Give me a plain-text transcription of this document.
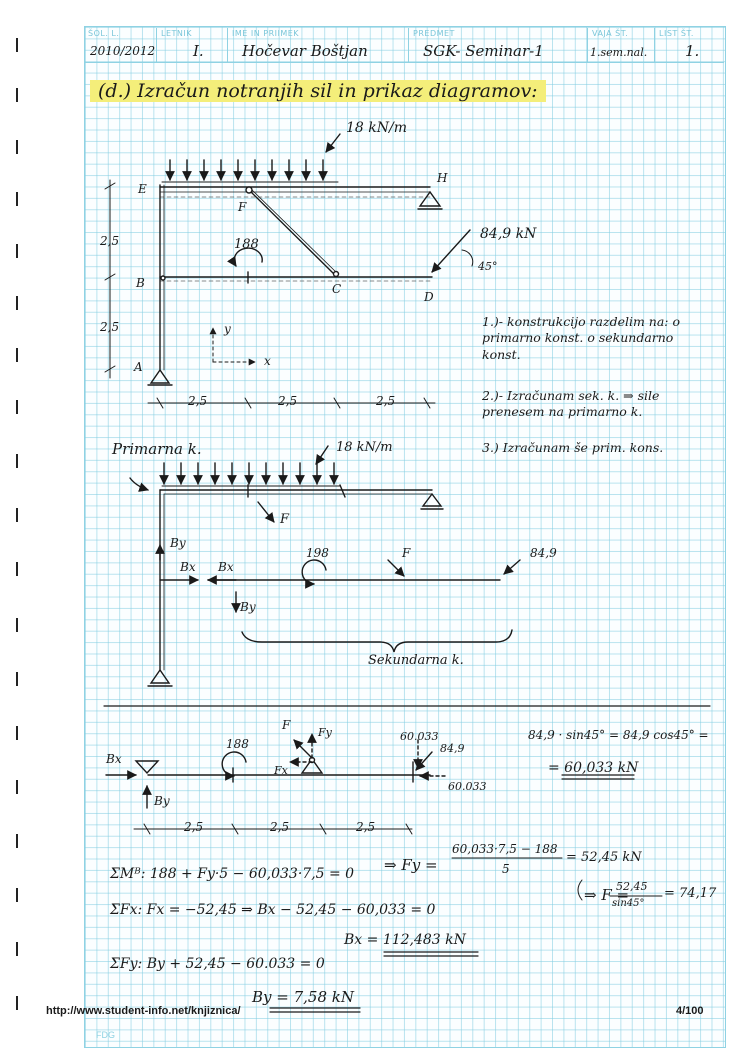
ŠOL. L.
2010/2012
LETNIK
I.
IME IN PRIIMEK
Hočevar Boštjan
PREDMET
SGK- Seminar-1
VAJA ŠT.
1.sem.nal.
LIST ŠT.
1.
(d.) Izračun notranjih sil in prikaz diagramov:
18 kN/m
E
F
H
B	C
D
A
188
84,9 kN
45°
2,5
2,5
2,5	2,5	2,5
y
x
1.)- konstrukcijo razdelim na: o primarno konst. o sekundarno konst.
2.)- Izračunam sek. k. ⇒ sile prenesem na primarno k.
3.) Izračunam še prim. kons.
Primarna k.	18 kN/m
F
By
Bx Bx
By
198	F	84,9
Sekundarna k.
Bx
By
188
F
Fy
Fx
60.033
84,9
60.033
2,5	2,5	2,5
84,9 · sin45° = 84,9 cos45° =
= 60,033 kN
ΣMᴮ: 188 + Fy·5 − 60,033·7,5 = 0 ⇒ Fy =
60,033·7,5 − 188
5
= 52,45 kN
⇒ F =
52,45
sin45°
= 74,17
ΣFx: Fx = −52,45 ⇒ Bx − 52,45 − 60,033 = 0
Bx = 112,483 kN
ΣFy: By + 52,45 − 60.033 = 0
By = 7,58 kN
http://www.student-info.net/knjiznica/	4/100
FDG
